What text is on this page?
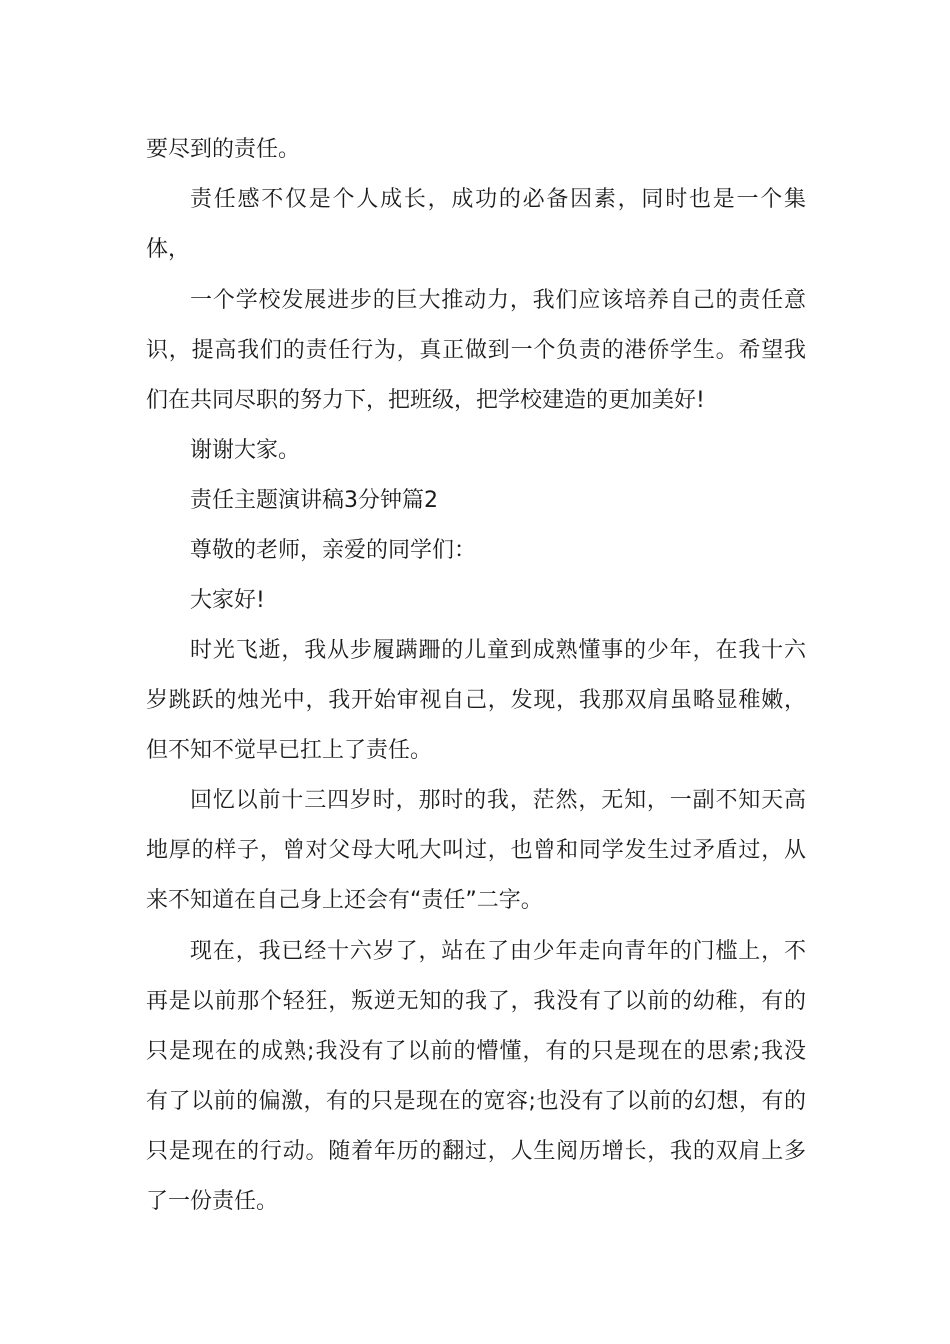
要尽到的责任。
责任感不仅是个人成长，成功的必备因素，同时也是一个集
体，
一个学校发展进步的巨大推动力，我们应该培养自己的责任意
识，提高我们的责任行为，真正做到一个负责的港侨学生。希望我
们在共同尽职的努力下，把班级，把学校建造的更加美好!
谢谢大家。
责任主题演讲稿3分钟篇2
尊敬的老师，亲爱的同学们：
大家好!
时光飞逝，我从步履蹒跚的儿童到成熟懂事的少年，在我十六
岁跳跃的烛光中，我开始审视自己，发现，我那双肩虽略显稚嫩，
但不知不觉早已扛上了责任。
回忆以前十三四岁时，那时的我，茫然，无知，一副不知天高
地厚的样子，曾对父母大吼大叫过，也曾和同学发生过矛盾过，从
来不知道在自己身上还会有“责任”二字。
现在，我已经十六岁了，站在了由少年走向青年的门槛上，不
再是以前那个轻狂，叛逆无知的我了，我没有了以前的幼稚，有的
只是现在的成熟;我没有了以前的懵懂，有的只是现在的思索;我没
有了以前的偏激，有的只是现在的宽容;也没有了以前的幻想，有的
只是现在的行动。随着年历的翻过，人生阅历增长，我的双肩上多
了一份责任。
